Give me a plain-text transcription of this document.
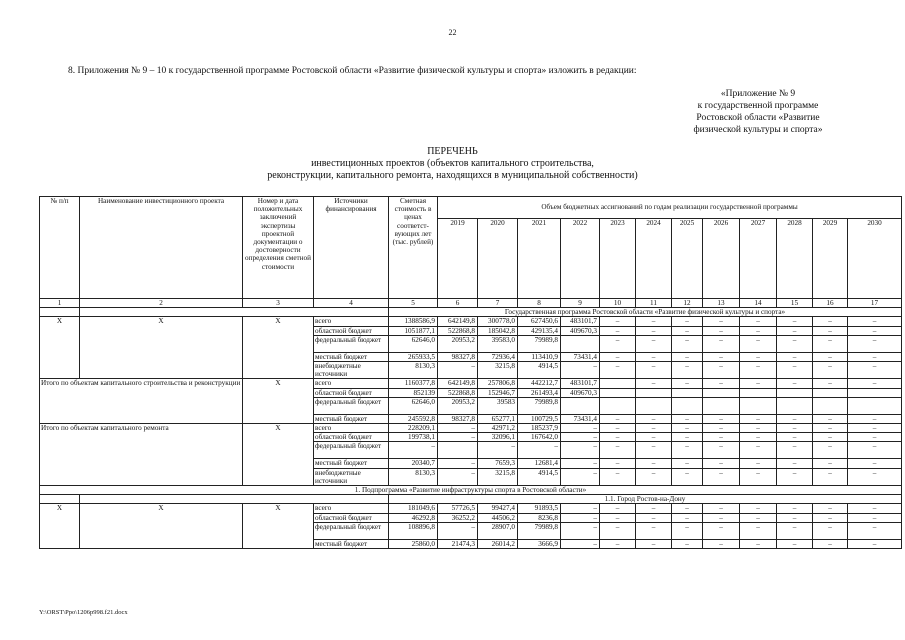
22
8. Приложения № 9 – 10 к государственной программе Ростовской области «Развитие физической культуры и спорта» изложить в редакции:
«Приложение № 9
к государственной программе
Ростовской области «Развитие
физической культуры и спорта»
ПЕРЕЧЕНЬ
инвестиционных проектов (объектов капитального строительства,
реконструкции, капитального ремонта, находящихся в муниципальной собственности)
№ п/п	Наименование инвестиционного проекта	Номер и дата положительных заключений экспертизы проектной документации о достоверности определения сметной стоимости	Источники финансирования	Сметная стоимость в ценах соответст-вующих лет (тыс. рублей)	Объем бюджетных ассигнований по годам реализации государственной программы											
					2019	2020	2021	2022	2023	2024	2025	2026	2027	2028	2029	2030
1	2	3	4	5	6	7	8	9	10	11	12	13	14	15	16	17
				Государственная программа Ростовской области «Развитие физической культуры и спорта»												
Х	Х	Х	всего	1388586,9	642149,8	300778,0	627450,6	483101,7	–	–	–	–	–	–	–	–
			областной бюджет	1051877,1	522868,8	185042,8	429135,4	409670,3	–	–	–	–	–	–	–	–
			федеральный бюджет	62646,0	20953,2	39583,0	79989,8		–	–	–	–	–	–	–	–
			местный бюджет	265933,5	98327,8	72936,4	113410,9	73431,4	–	–	–	–	–	–	–	–
			внебюджетные источники	8130,3	–	3215,8	4914,5	–	–	–	–	–	–	–	–	–
Итого по объектам капитального строительства и реконструкции		Х	всего	1160377,8	642149,8	257806,8	442212,7	483101,7		–	–	–	–	–	–	–
			областной бюджет	852139	522868,8	152946,7	261493,4	409670,3								
			федеральный бюджет	62646,0	20953,2	39583	79989,8									
			местный бюджет	245592,8	98327,8	65277,1	100729,5	73431,4	–	–	–	–	–	–	–	–
Итого по объектам капитального ремонта		Х	всего	228209,1	–	42971,2	185237,9	–	–	–	–	–	–	–	–	–
			областной бюджет	199738,1	–	32096,1	167642,0	–	–	–	–	–	–	–	–	–
			федеральный бюджет	–		–	–	–	–	–	–	–	–	–	–	–
			местный бюджет	20340,7	–	7659,3	12681,4	–	–	–	–	–	–	–	–	–
			внебюджетные источники	8130,3	–	3215,8	4914,5	–	–	–	–	–	–	–	–	–
1. Подпрограмма «Развитие инфраструктуры спорта в Ростовской области»																
				1.1. Город Ростов-на-Дону												
Х	Х	Х	всего	181049,6	57726,5	99427,4	91893,5	–	–	–	–	–	–	–	–	–
			областной бюджет	46292,8	36252,2	44506,2	8236,8	–	–	–	–	–	–	–	–	–
			федеральный бюджет	108896,8	–	28907,0	79989,8	–	–	–	–	–	–	–	–	–
			местный бюджет	25860,0	21474,3	26014,2	3666,9	–	–	–	–	–	–	–	–	–
Y:\ORST\Ppo\1206p998.f21.docx
